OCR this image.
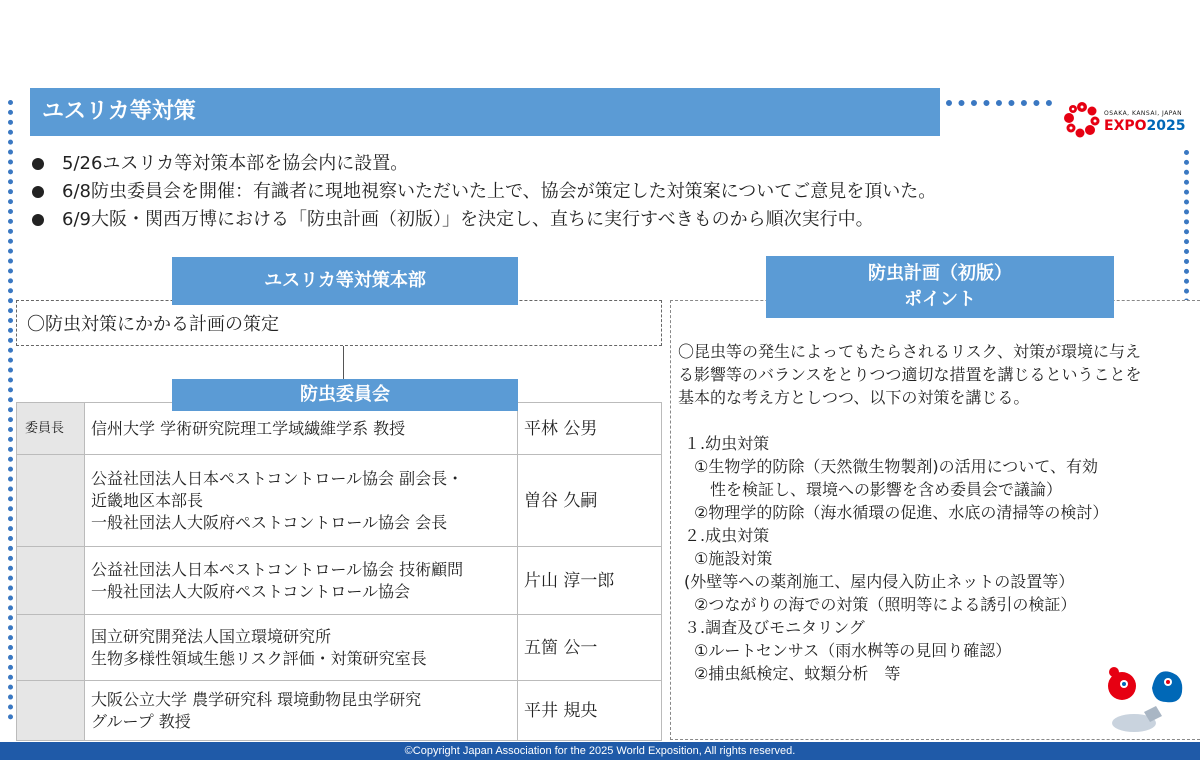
ユスリカ等対策	OSAKA, KANSAI, JAPAN
EXPO2025
5/26ユスリカ等対策本部を協会内に設置。
6/8防虫委員会を開催：有識者に現地視察いただいた上で、協会が策定した対策案についてご意見を頂いた。
6/9大阪・関西万博における「防虫計画（初版）」を決定し、直ちに実行すべきものから順次実行中。
ユスリカ等対策本部
〇防虫対策にかかる計画の策定
防虫委員会
委員長	信州大学 学術研究院理工学域繊維学系 教授	平林 公男

	公益社団法人日本ペストコントロール協会 副会長・
近畿地区本部長
一般社団法人大阪府ペストコントロール協会 会長	曽谷 久嗣

	公益社団法人日本ペストコントロール協会 技術顧問
一般社団法人大阪府ペストコントロール協会	片山 淳一郎

	国立研究開発法人国立環境研究所
生物多様性領域生態リスク評価・対策研究室長	五箇 公一

	大阪公立大学 農学研究科 環境動物昆虫学研究
グループ 教授	平井 規央
防虫計画（初版）
ポイント
〇昆虫等の発生によってもたらされるリスク、対策が環境に与え
る影響等のバランスをとりつつ適切な措置を講じるということを
基本的な考え方としつつ、以下の対策を講じる。
１.幼虫対策
①生物学的防除（天然微生物製剤)の活用について、有効
性を検証し、環境への影響を含め委員会で議論）
②物理学的防除（海水循環の促進、水底の清掃等の検討）
２.成虫対策
①施設対策
(外壁等への薬剤施工、屋内侵入防止ネットの設置等）
②つながりの海での対策（照明等による誘引の検証）
３.調査及びモニタリング
①ルートセンサス（雨水桝等の見回り確認）
②捕虫紙検定、蚊類分析　等
©Copyright Japan Association for the 2025 World Exposition, All rights reserved.
